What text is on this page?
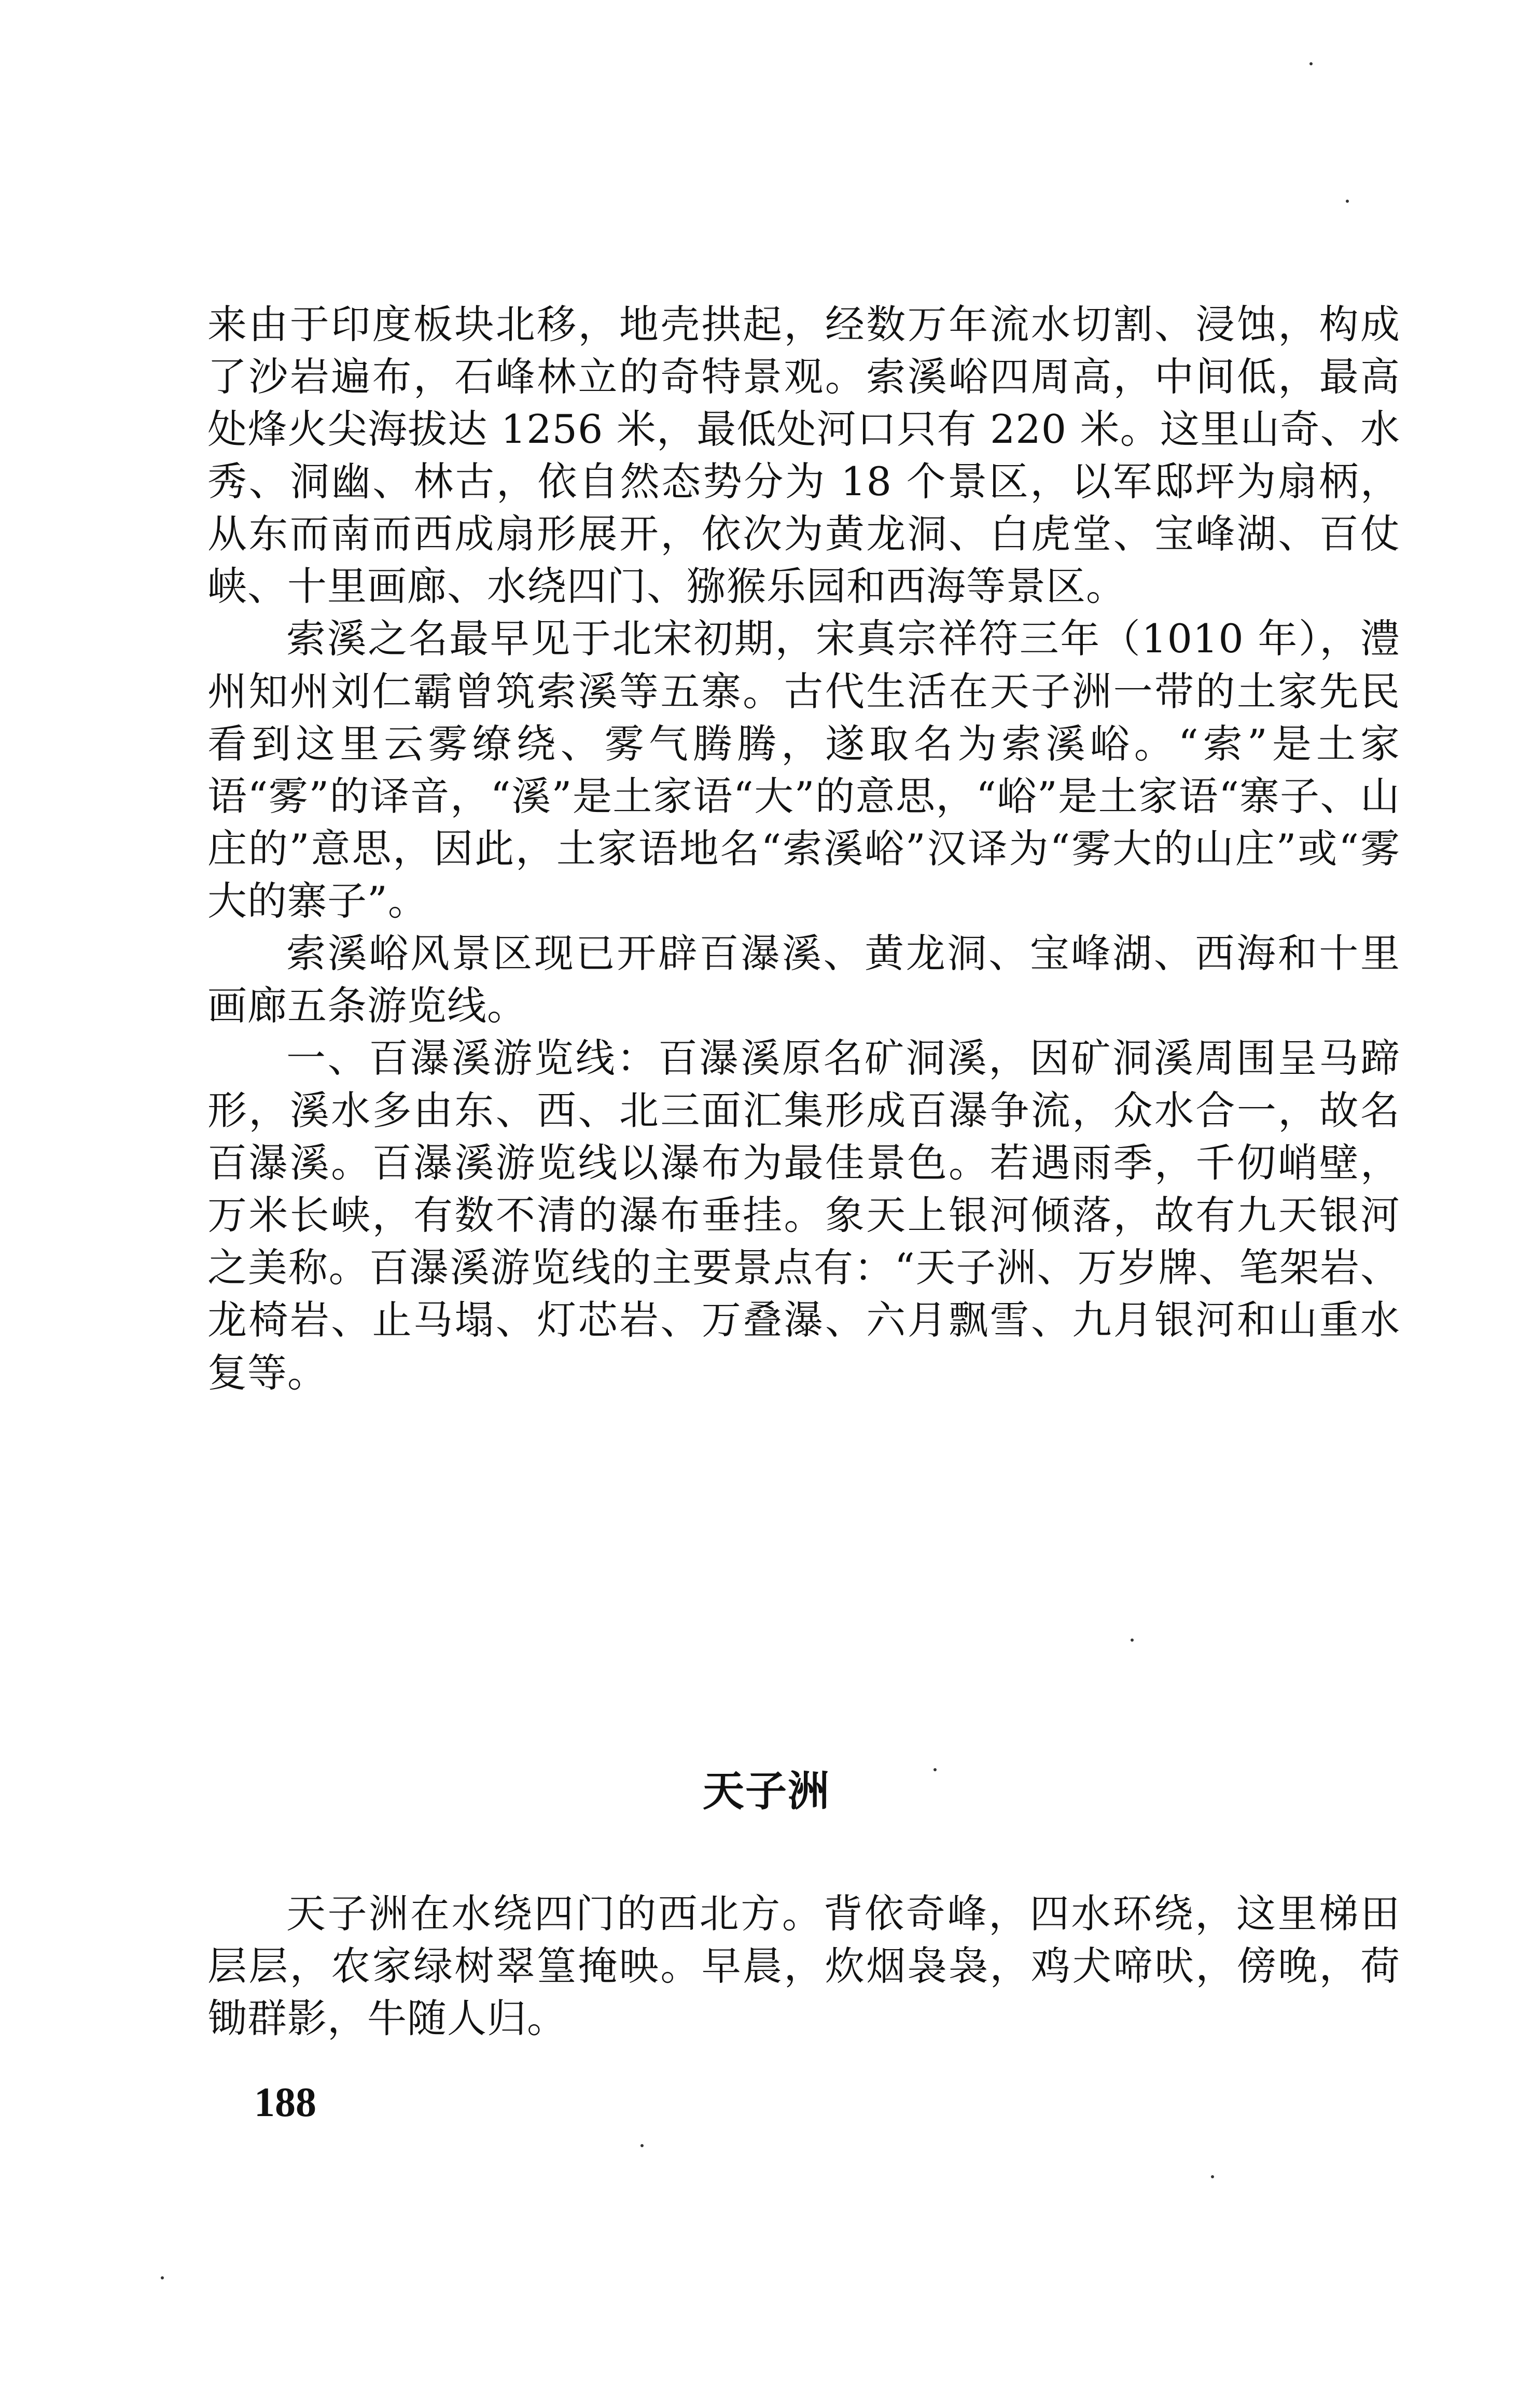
来由于印度板块北移，地壳拱起，经数万年流水切割、浸蚀，构成了沙岩遍布，石峰林立的奇特景观。索溪峪四周高，中间低，最高处烽火尖海拔达 1256 米，最低处河口只有 220 米。这里山奇、水秀、洞幽、林古，依自然态势分为 18 个景区，以军邸坪为扇柄，从东而南而西成扇形展开，依次为黄龙洞、白虎堂、宝峰湖、百仗峡、十里画廊、水绕四门、猕猴乐园和西海等景区。

索溪之名最早见于北宋初期，宋真宗祥符三年（1010 年），澧州知州刘仁霸曾筑索溪等五寨。古代生活在天子洲一带的土家先民看到这里云雾缭绕、雾气腾腾，遂取名为索溪峪。“索”是土家语“雾”的译音，“溪”是土家语“大”的意思，“峪”是土家语“寨子、山庄的”意思，因此，土家语地名“索溪峪”汉译为“雾大的山庄”或“雾大的寨子”。

索溪峪风景区现已开辟百瀑溪、黄龙洞、宝峰湖、西海和十里画廊五条游览线。

一、百瀑溪游览线：百瀑溪原名矿洞溪，因矿洞溪周围呈马蹄形，溪水多由东、西、北三面汇集形成百瀑争流，众水合一，故名百瀑溪。百瀑溪游览线以瀑布为最佳景色。若遇雨季，千仞峭壁，万米长峡，有数不清的瀑布垂挂。象天上银河倾落，故有九天银河之美称。百瀑溪游览线的主要景点有：“天子洲、万岁牌、笔架岩、龙椅岩、止马塌、灯芯岩、万叠瀑、六月飘雪、九月银河和山重水复等。

天子洲

天子洲在水绕四门的西北方。背依奇峰，四水环绕，这里梯田层层，农家绿树翠篁掩映。早晨，炊烟袅袅，鸡犬啼吠，傍晚，荷锄群影，牛随人归。

188
